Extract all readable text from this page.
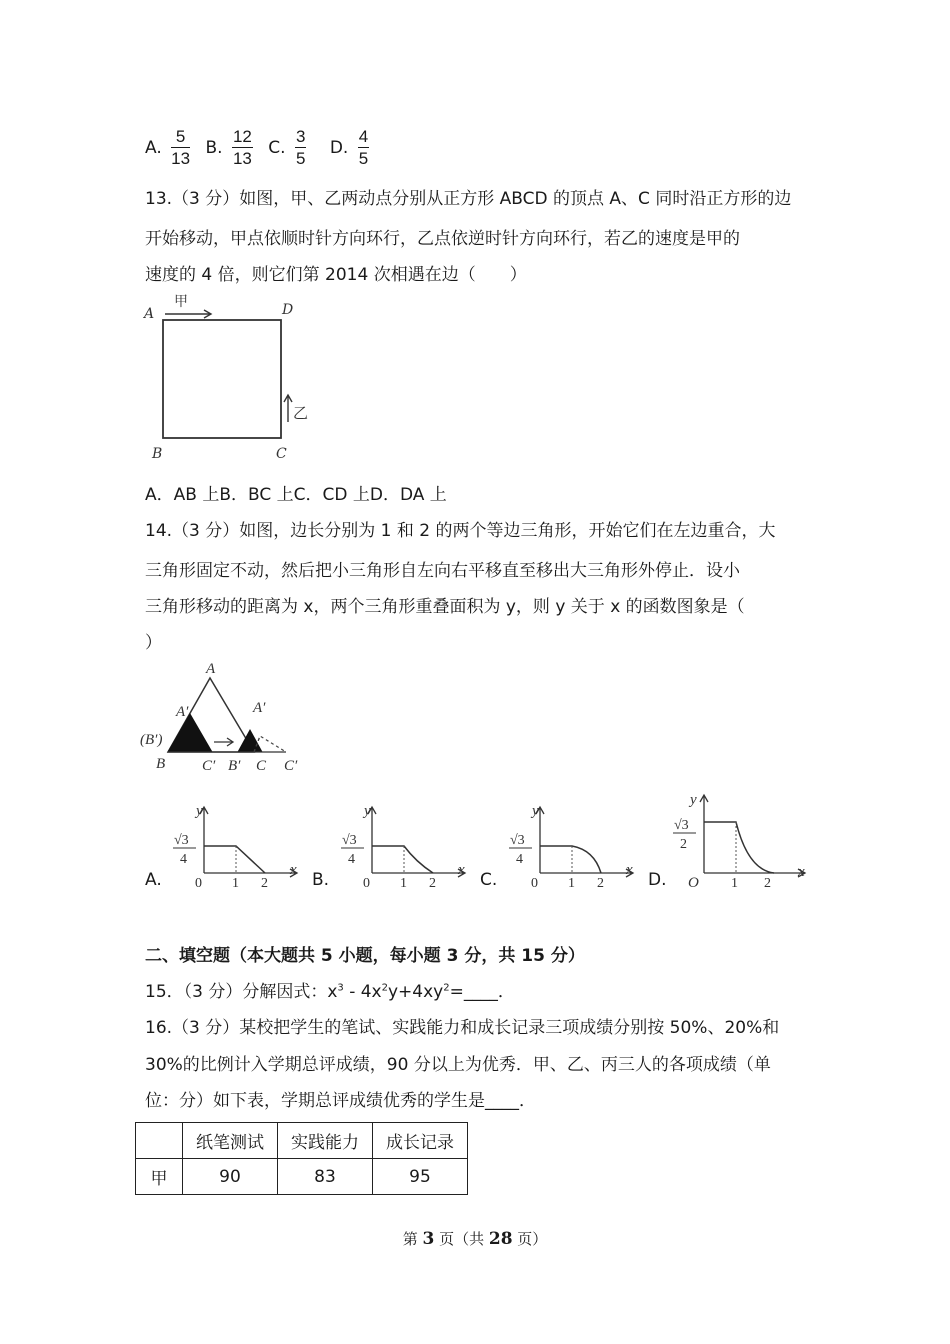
A. $\frac{5}{13} B$. $\frac{12}{13} C$. $\frac{3}{5} D$. $\frac{4}{5}$
13.（3 分）如图，甲、乙两动点分别从正方形 ABCD 的顶点 A、C 同时沿正方形的边
开始移动，甲点依顺时针方向环行，乙点依逆时针方向环行，若乙的速度是甲的
速度的 4 倍，则它们第 2014 次相遇在边（　　）
A	D
B	C
甲
乙
A．AB 上B．BC 上C．CD 上D．DA 上
14.（3 分）如图，边长分别为 1 和 2 的两个等边三角形，开始它们在左边重合，大
三角形固定不动，然后把小三角形自左向右平移直至移出大三角形外停止．设小
三角形移动的距离为 x，两个三角形重叠面积为 y，则 y 关于 x 的函数图象是（
）
A
A′	A′
(B′)
B C′ B′ C C′
A.
y
x
√3
4
0 1 2	B.
y
x
√3
4
0 1 2	C.
y
x
√3
4
0 1 2	D.
y
x
√3
2
O 1 2
二、填空题（本大题共 5 小题，每小题 3 分，共 15 分）
15．（3 分）分解因式：$x^3$ - $4x^2y+4xy^2=\_\_\_\_$．
16.（3 分）某校把学生的笔试、实践能力和成长记录三项成绩分别按 50%、20%和
30%的比例计入学期总评成绩，90 分以上为优秀．甲、乙、丙三人的各项成绩（单
位：分）如下表，学期总评成绩优秀的学生是____．
	纸笔测试	实践能力	成长记录
甲	90	83	95
第 3 页（共 28 页）
